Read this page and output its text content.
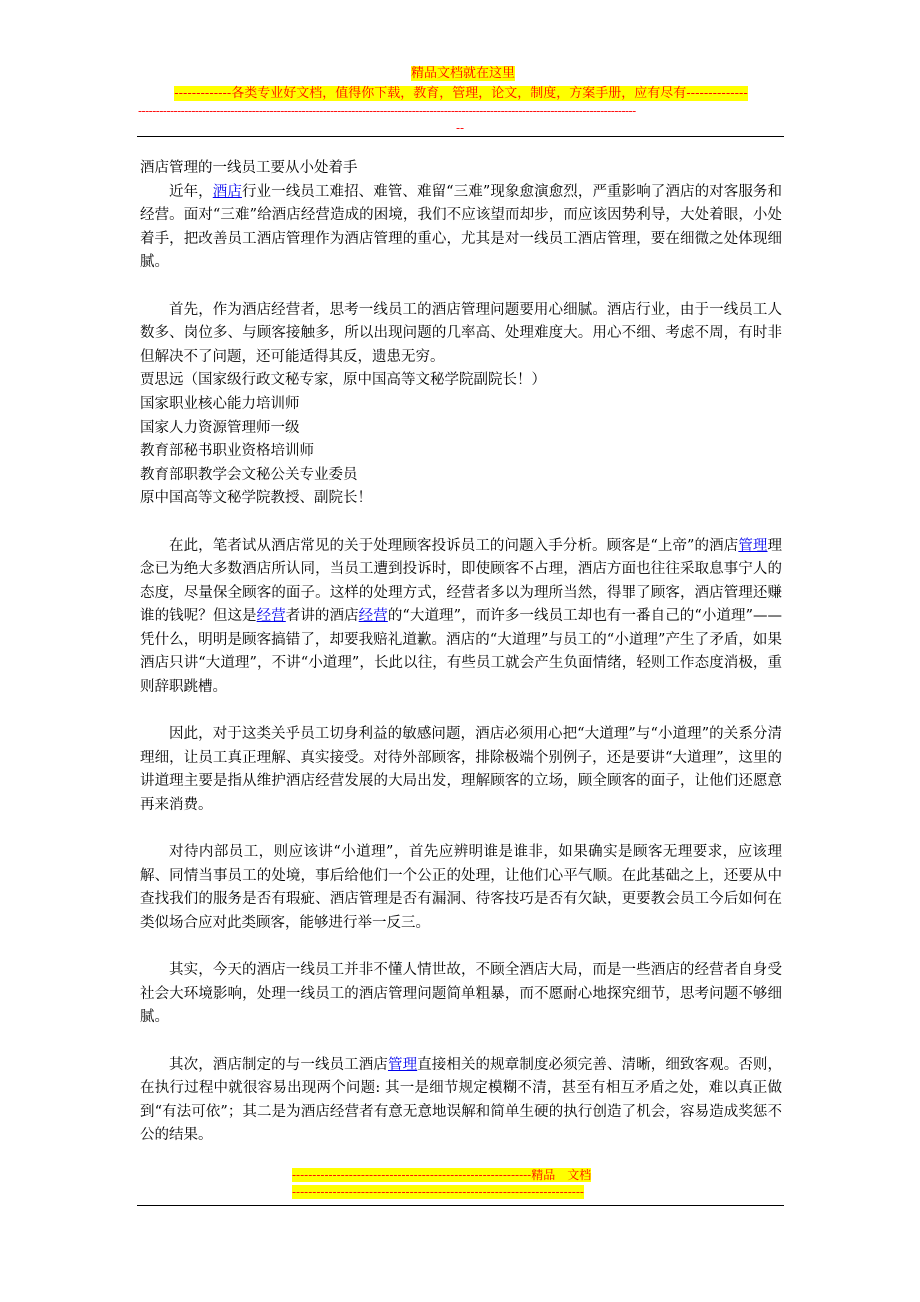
精品文档就在这里
-------------各类专业好文档，值得你下载，教育，管理，论文，制度，方案手册，应有尽有--------------
--------------------------------------------------------------------------------------------------------------------------------------------
--

酒店管理的一线员工要从小处着手

近年，酒店行业一线员工难招、难管、难留“三难”现象愈演愈烈，严重影响了酒店的对客服务和经营。面对“三难”给酒店经营造成的困境，我们不应该望而却步，而应该因势利导，大处着眼，小处着手，把改善员工酒店管理作为酒店管理的重心，尤其是对一线员工酒店管理，要在细微之处体现细腻。

首先，作为酒店经营者，思考一线员工的酒店管理问题要用心细腻。酒店行业，由于一线员工人数多、岗位多、与顾客接触多，所以出现问题的几率高、处理难度大。用心不细、考虑不周，有时非但解决不了问题，还可能适得其反，遗患无穷。

贾思远（国家级行政文秘专家，原中国高等文秘学院副院长！）

国家职业核心能力培训师

国家人力资源管理师一级

教育部秘书职业资格培训师

教育部职教学会文秘公关专业委员

原中国高等文秘学院教授、副院长！

在此，笔者试从酒店常见的关于处理顾客投诉员工的问题入手分析。顾客是“上帝”的酒店管理理念已为绝大多数酒店所认同，当员工遭到投诉时，即使顾客不占理，酒店方面也往往采取息事宁人的态度，尽量保全顾客的面子。这样的处理方式，经营者多以为理所当然，得罪了顾客，酒店管理还赚谁的钱呢？但这是经营者讲的酒店经营的“大道理”，而许多一线员工却也有一番自己的“小道理”——凭什么，明明是顾客搞错了，却要我赔礼道歉。酒店的“大道理”与员工的“小道理”产生了矛盾，如果酒店只讲“大道理”，不讲“小道理”，长此以往，有些员工就会产生负面情绪，轻则工作态度消极，重则辞职跳槽。

因此，对于这类关乎员工切身利益的敏感问题，酒店必须用心把“大道理”与“小道理”的关系分清理细，让员工真正理解、真实接受。对待外部顾客，排除极端个别例子，还是要讲“大道理”，这里的讲道理主要是指从维护酒店经营发展的大局出发，理解顾客的立场，顾全顾客的面子，让他们还愿意再来消费。

对待内部员工，则应该讲“小道理”，首先应辨明谁是谁非，如果确实是顾客无理要求，应该理解、同情当事员工的处境，事后给他们一个公正的处理，让他们心平气顺。在此基础之上，还要从中查找我们的服务是否有瑕疵、酒店管理是否有漏洞、待客技巧是否有欠缺，更要教会员工今后如何在类似场合应对此类顾客，能够进行举一反三。

其实，今天的酒店一线员工并非不懂人情世故，不顾全酒店大局，而是一些酒店的经营者自身受社会大环境影响，处理一线员工的酒店管理问题简单粗暴，而不愿耐心地探究细节，思考问题不够细腻。

其次，酒店制定的与一线员工酒店管理直接相关的规章制度必须完善、清晰，细致客观。否则，在执行过程中就很容易出现两个问题: 其一是细节规定模糊不清，甚至有相互矛盾之处，难以真正做到“有法可依”；其二是为酒店经营者有意无意地误解和简单生硬的执行创造了机会，容易造成奖惩不公的结果。

-----------------------------------------------------------精品　文档
------------------------------------------------------------------------
